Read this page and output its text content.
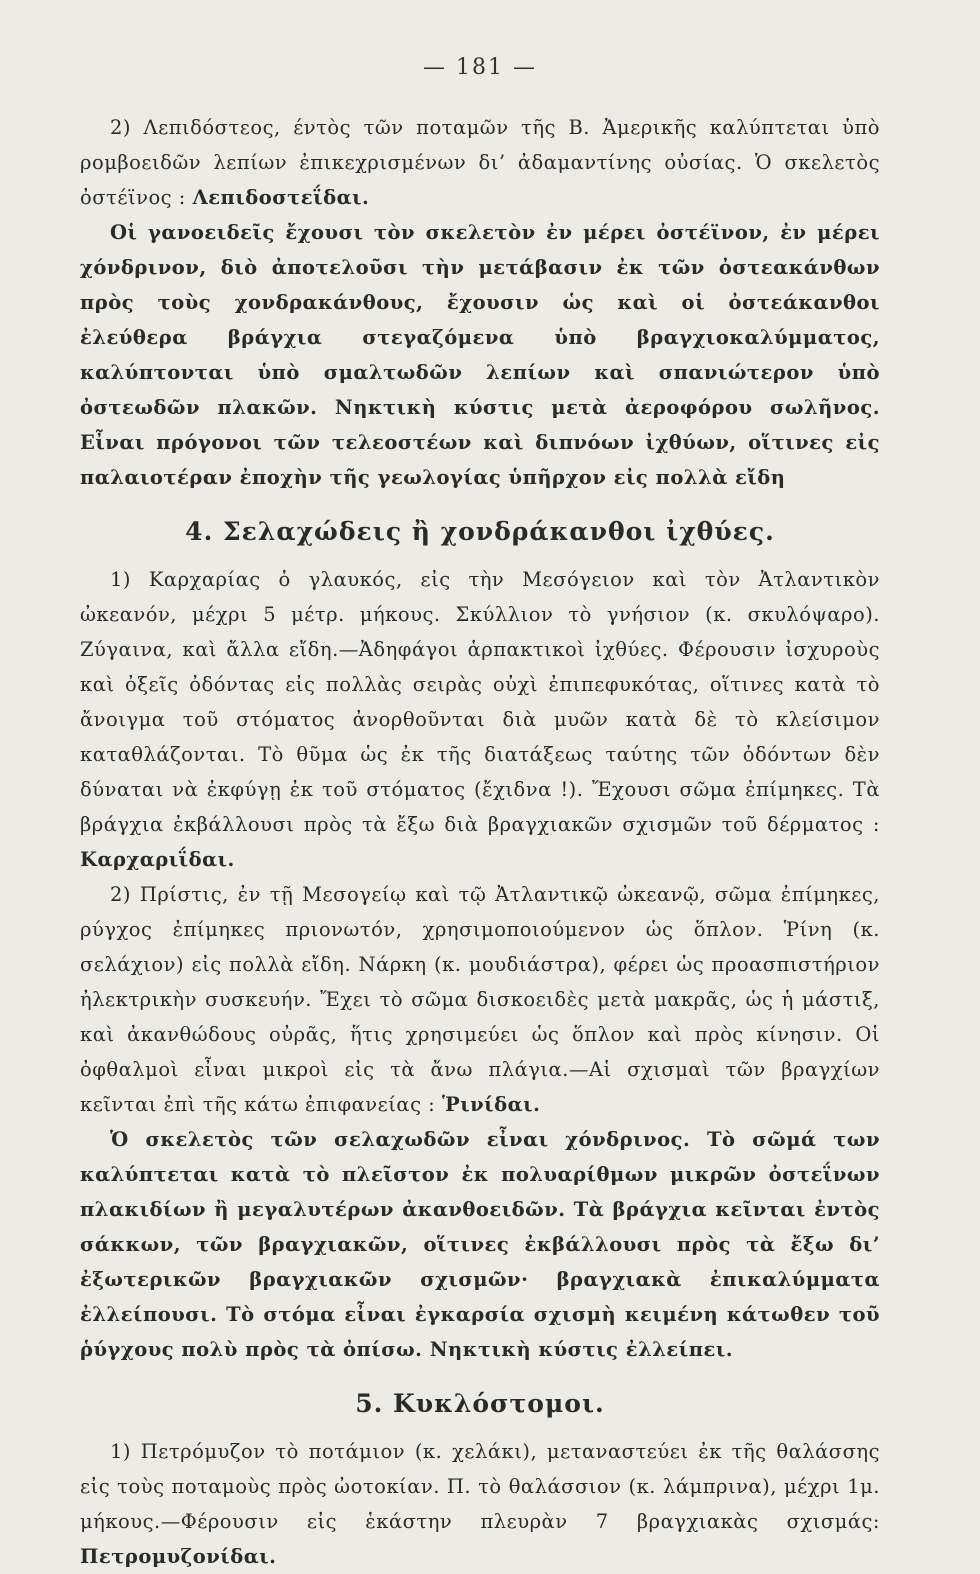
— 181 —

2) Λεπιδόστεος, έντὸς τῶν ποταμῶν τῆς Β. Ἀμερικῆς καλύπτεται ὑπὸ ρομβοειδῶν λεπίων ἐπικεχρισμένων δι’ ἀδαμαντίνης οὐσίας. Ὁ σκελετὸς ὀστέϊνος : Λεπιδοστεΐδαι.

Οἱ γανοειδεῖς ἔχουσι τὸν σκελετὸν ἐν μέρει ὀστέϊνον, ἐν μέρει χόνδρινον, διὸ ἀποτελοῦσι τὴν μετάβασιν ἐκ τῶν ὀστεακάνθων πρὸς τοὺς χονδρακάνθους, ἔχουσιν ὡς καὶ οἱ ὀστεάκανθοι ἐλεύθερα βράγχια στεγαζόμενα ὑπὸ βραγχιοκαλύμματος, καλύπτονται ὑπὸ σμαλτωδῶν λεπίων καὶ σπανιώτερον ὑπὸ ὀστεωδῶν πλακῶν. Νηκτικὴ κύστις μετὰ ἀεροφόρου σωλῆνος. Εἶναι πρόγονοι τῶν τελεοστέων καὶ διπνόων ἰχθύων, οἵτινες εἰς παλαιοτέραν ἐποχὴν τῆς γεωλογίας ὑπῆρχον εἰς πολλὰ εἴδη

4. Σελαχώδεις ἢ χονδράκανθοι ἰχθύες.

1) Καρχαρίας ὁ γλαυκός, εἰς τὴν Μεσόγειον καὶ τὸν Ἀτλαντικὸν ὠκεανόν, μέχρι 5 μέτρ. μήκους. Σκύλλιον τὸ γνήσιον (κ. σκυλόψαρο). Ζύγαινα, καὶ ἄλλα εἴδη.—Ἀδηφάγοι ἁρπακτικοὶ ἰχθύες. Φέρουσιν ἰσχυροὺς καὶ ὀξεῖς ὀδόντας εἰς πολλὰς σειρὰς οὐχὶ ἐπιπεφυκότας, οἵτινες κατὰ τὸ ἄνοιγμα τοῦ στόματος ἀνορθοῦνται διὰ μυῶν κατὰ δὲ τὸ κλείσιμον καταθλάζονται. Τὸ θῦμα ὡς ἐκ τῆς διατάξεως ταύτης τῶν ὀδόντων δὲν δύναται νὰ ἐκφύγῃ ἐκ τοῦ στόματος (ἔχιδνα !). Ἔχουσι σῶμα ἐπίμηκες. Τὰ βράγχια ἐκβάλλουσι πρὸς τὰ ἔξω διὰ βραγχιακῶν σχισμῶν τοῦ δέρματος : Καρχαριΐδαι.

2) Πρίστις, ἐν τῇ Μεσογείῳ καὶ τῷ Ἀτλαντικῷ ὠκεανῷ, σῶμα ἐπίμηκες, ρύγχος ἐπίμηκες πριονωτόν, χρησιμοποιούμενον ὡς ὅπλον. Ῥίνη (κ. σελάχιον) εἰς πολλὰ εἴδη. Νάρκη (κ. μουδιάστρα), φέρει ὡς προασπιστήριον ἠλεκτρικὴν συσκευήν. Ἔχει τὸ σῶμα δισκοειδὲς μετὰ μακρᾶς, ὡς ἡ μάστιξ, καὶ ἀκανθώδους οὐρᾶς, ἥτις χρησιμεύει ὡς ὅπλον καὶ πρὸς κίνησιν. Οἱ ὀφθαλμοὶ εἶναι μικροὶ εἰς τὰ ἄνω πλάγια.—Αἱ σχισμαὶ τῶν βραγχίων κεῖνται ἐπὶ τῆς κάτω ἐπιφανείας : Ῥινίδαι.

Ὁ σκελετὸς τῶν σελαχωδῶν εἶναι χόνδρινος. Τὸ σῶμά των καλύπτεται κατὰ τὸ πλεῖστον ἐκ πολυαρίθμων μικρῶν ὀστεΐνων πλακιδίων ἢ μεγαλυτέρων ἀκανθοειδῶν. Τὰ βράγχια κεῖνται ἐντὸς σάκκων, τῶν βραγχιακῶν, οἵτινες ἐκβάλλουσι πρὸς τὰ ἔξω δι’ ἐξωτερικῶν βραγχιακῶν σχισμῶν· βραγχιακὰ ἐπικαλύμματα ἐλλείπουσι. Τὸ στόμα εἶναι ἐγκαρσία σχισμὴ κειμένη κάτωθεν τοῦ ῥύγχους πολὺ πρὸς τὰ ὀπίσω. Νηκτικὴ κύστις ἐλλείπει.

5. Κυκλόστομοι.

1) Πετρόμυζον τὸ ποτάμιον (κ. χελάκι), μεταναστεύει ἐκ τῆς θαλάσσης εἰς τοὺς ποταμοὺς πρὸς ὠοτοκίαν. Π. τὸ θαλάσσιον (κ. λάμπρινα), μέχρι 1μ. μήκους.—Φέρουσιν εἰς ἑκάστην πλευρὰν 7 βραγχιακὰς σχισμάς: Πετρομυζονίδαι.
